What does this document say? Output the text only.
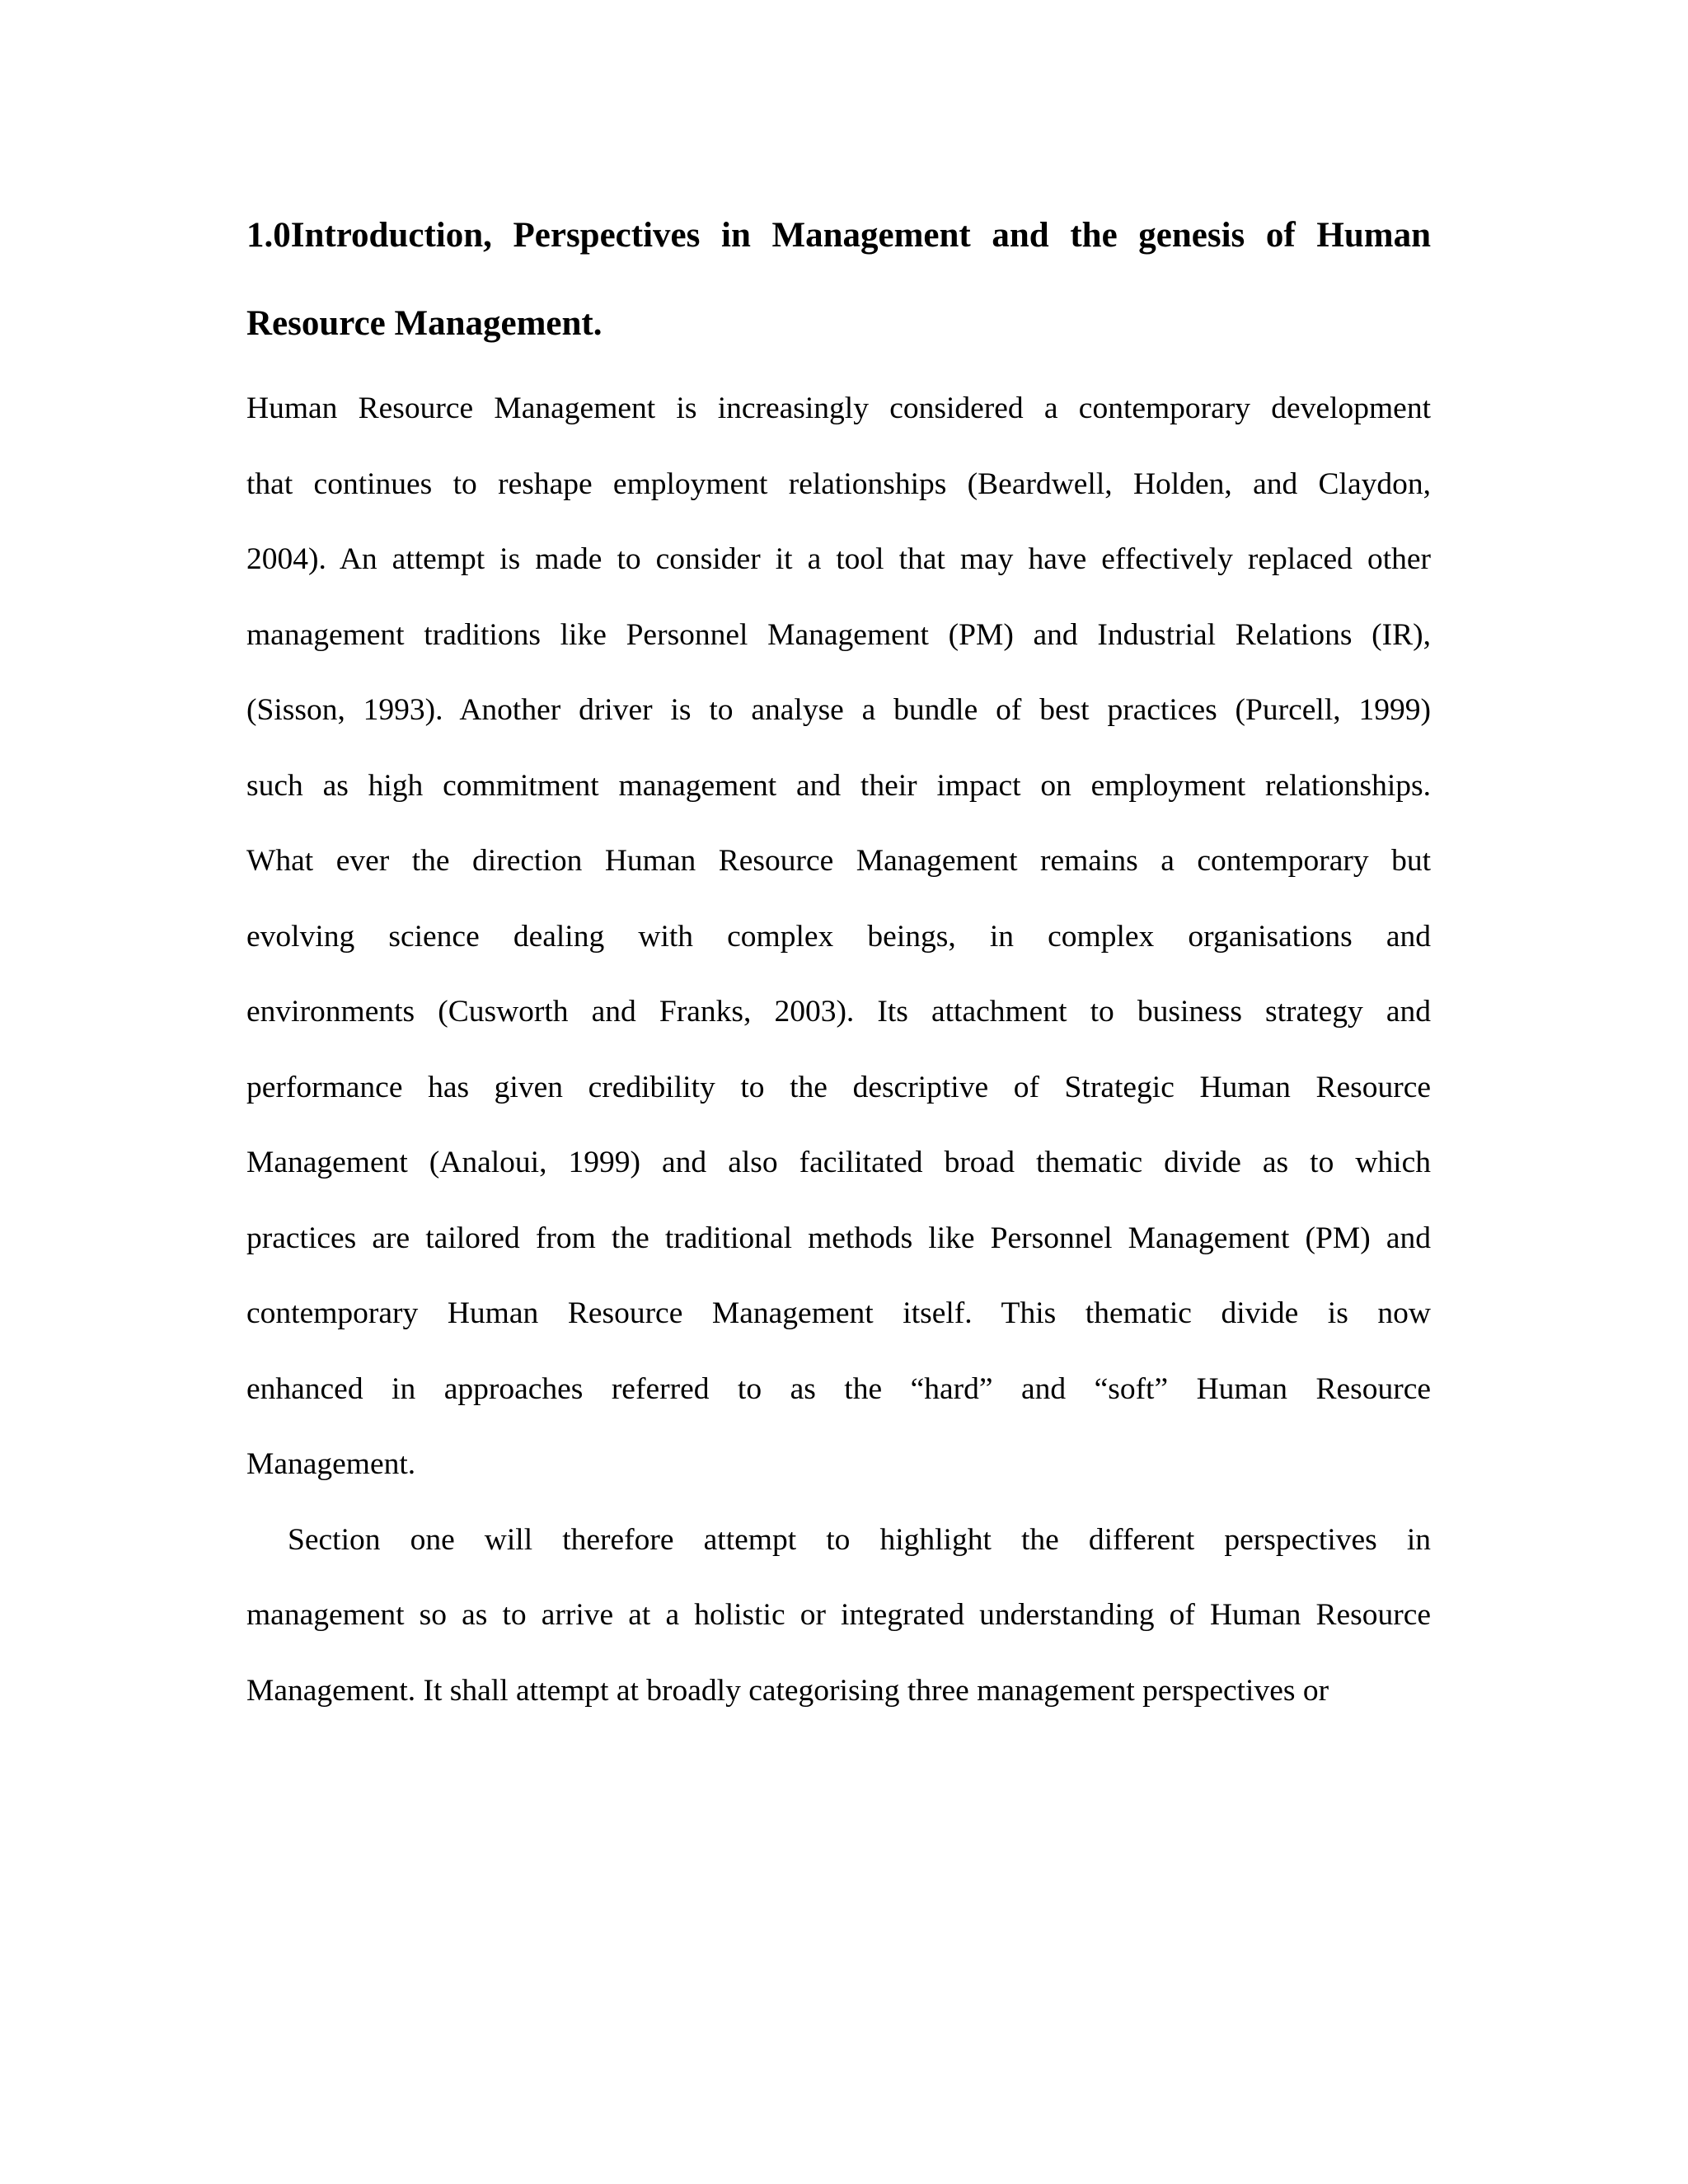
1.0Introduction, Perspectives in Management and the genesis of Human
Resource Management.
Human Resource Management is increasingly considered a contemporary development
that continues to reshape employment relationships (Beardwell, Holden, and Claydon,
2004). An attempt is made to consider it a tool that may have effectively replaced other
management traditions like Personnel Management (PM) and Industrial Relations (IR),
(Sisson, 1993). Another driver is to analyse a bundle of best practices (Purcell, 1999)
such as high commitment management and their impact on employment relationships.
What ever the direction Human Resource Management remains a contemporary but
evolving science dealing with complex beings, in complex organisations and
environments (Cusworth and Franks, 2003). Its attachment to business strategy and
performance has given credibility to the descriptive of Strategic Human Resource
Management (Analoui, 1999) and also facilitated broad thematic divide as to which
practices are tailored from the traditional methods like Personnel Management (PM) and
contemporary Human Resource Management itself. This thematic divide is now
enhanced in approaches referred to as the “hard” and “soft” Human Resource
Management.
Section one will therefore attempt to highlight the different perspectives in
management so as to arrive at a holistic or integrated understanding of Human Resource
Management. It shall attempt at broadly categorising three management perspectives or
